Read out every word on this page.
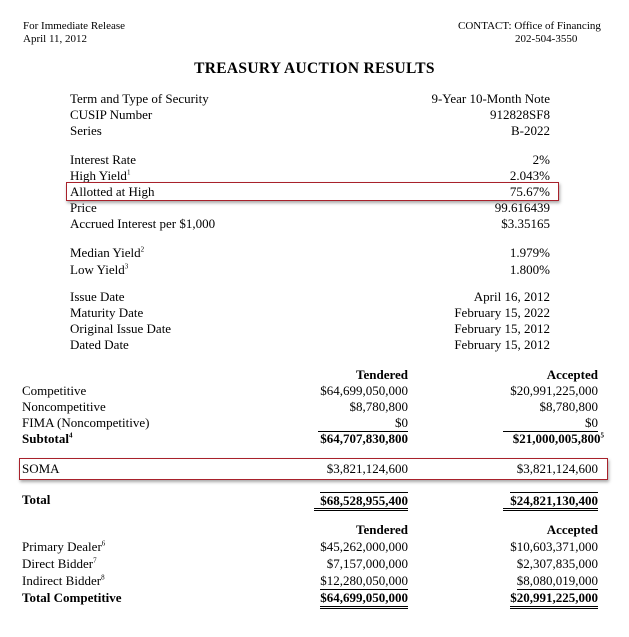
For Immediate Release
April 11, 2012
CONTACT: Office of Financing
202-504-3550
TREASURY AUCTION RESULTS
Term and Type of Security	9-Year 10-Month Note
CUSIP Number	912828SF8
Series	B-2022
Interest Rate	2%
High Yield$^1$	2.043%
Allotted at High	75.67%
Price	99.616439
Accrued Interest per $1,000	$3.35165
Median Yield$^2$	1.979%
Low Yield$^3$	1.800%
Issue Date	April 16, 2012
Maturity Date	February 15, 2022
Original Issue Date	February 15, 2012
Dated Date	February 15, 2012
Tendered	Accepted
Competitive	$64,699,050,000	$20,991,225,000
Noncompetitive	$8,780,800	$8,780,800
FIMA (Noncompetitive)	$0	$0
Subtotal$^4$	$64,707,830,800	$21,000,005,800$^5$
SOMA	$3,821,124,600	$3,821,124,600
Total	$68,528,955,400	$24,821,130,400
Tendered	Accepted
Primary Dealer$^6$	$45,262,000,000	$10,603,371,000
Direct Bidder$^7$	$7,157,000,000	$2,307,835,000
Indirect Bidder$^8$	$12,280,050,000	$8,080,019,000
Total Competitive	$64,699,050,000	$20,991,225,000
